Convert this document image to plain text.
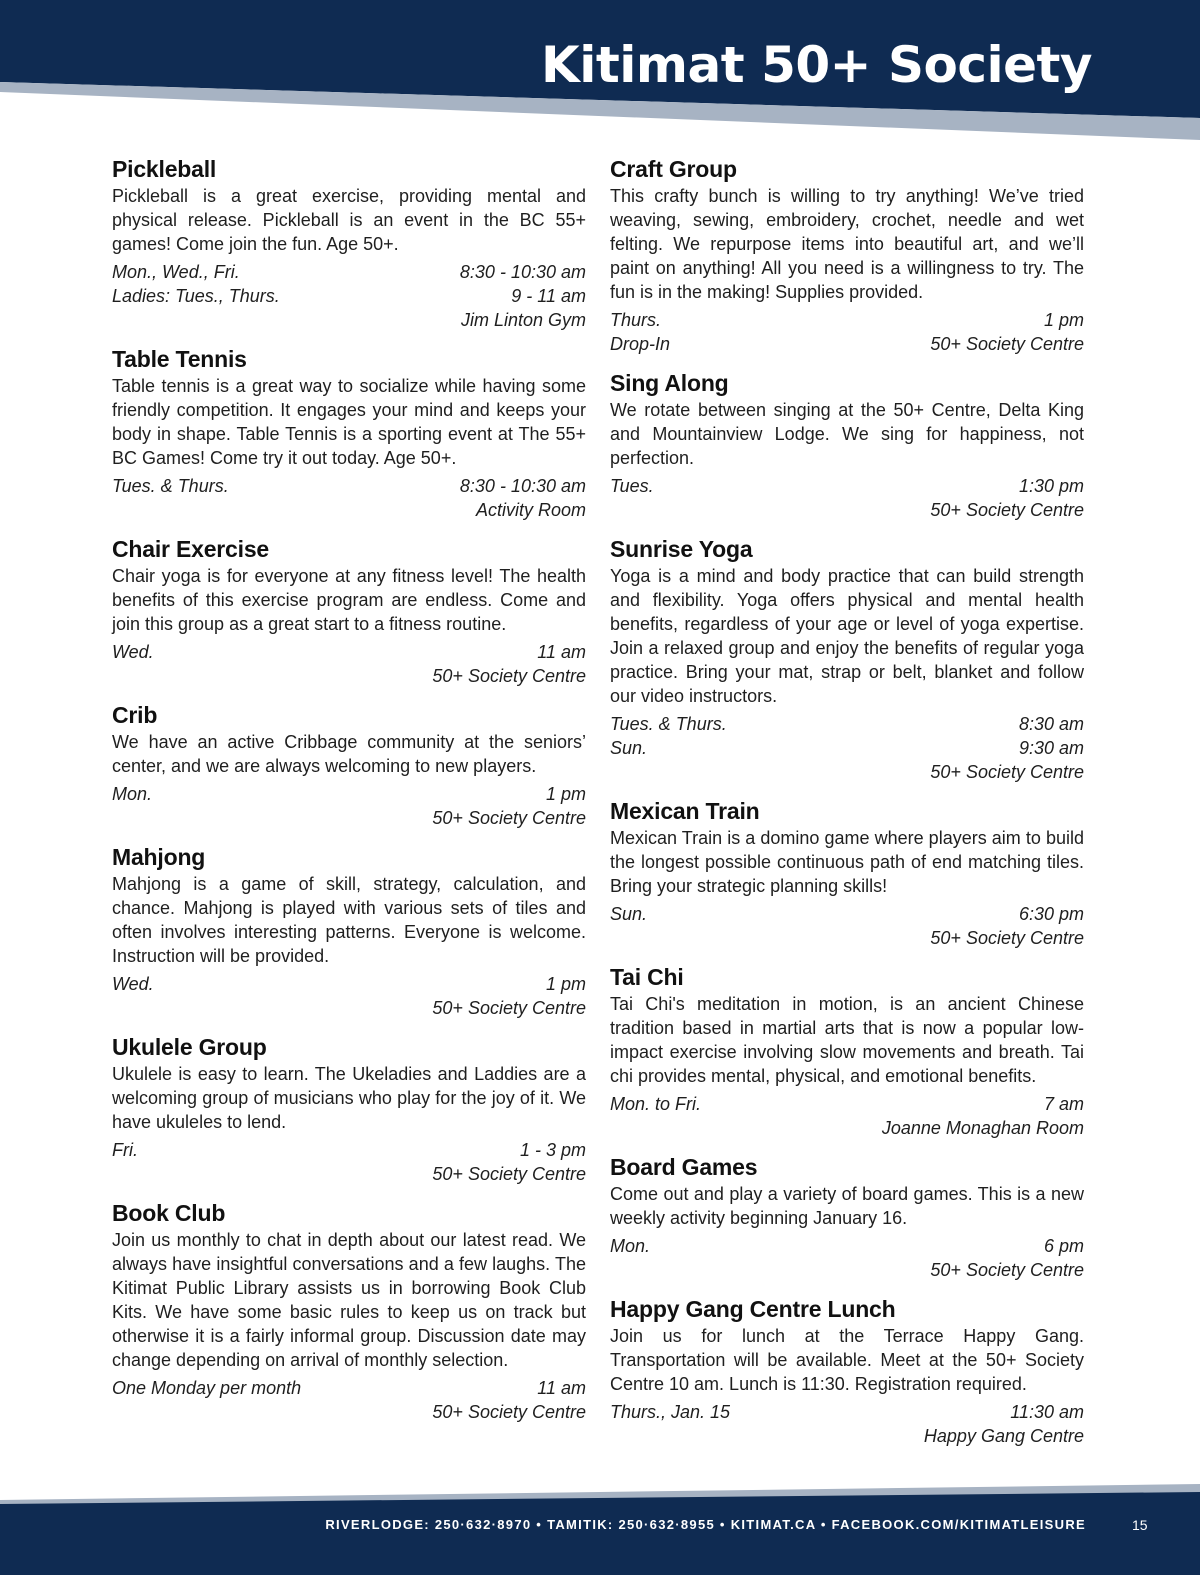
Kitimat 50+ Society
Pickleball

Pickleball is a great exercise, providing mental and physical release. Pickleball is an event in the BC 55+ games! Come join the fun. Age 50+.

Mon., Wed., Fri.	8:30 - 10:30 am
Ladies: Tues., Thurs.	9 - 11 am
Jim Linton Gym
Table Tennis

Table tennis is a great way to socialize while having some friendly competition. It engages your mind and keeps your body in shape. Table Tennis is a sporting event at The 55+ BC Games! Come try it out today. Age 50+.

Tues. & Thurs.	8:30 - 10:30 am
Activity Room
Chair Exercise

Chair yoga is for everyone at any fitness level! The health benefits of this exercise program are endless. Come and join this group as a great start to a fitness routine.

Wed.	11 am
50+ Society Centre
Crib

We have an active Cribbage community at the seniors’ center, and we are always welcoming to new players.

Mon.	1 pm
50+ Society Centre
Mahjong

Mahjong is a game of skill, strategy, calculation, and chance. Mahjong is played with various sets of tiles and often involves interesting patterns. Everyone is welcome. Instruction will be provided.

Wed.	1 pm
50+ Society Centre
Ukulele Group

Ukulele is easy to learn. The Ukeladies and Laddies are a welcoming group of musicians who play for the joy of it. We have ukuleles to lend.

Fri.	1 - 3 pm
50+ Society Centre
Book Club

Join us monthly to chat in depth about our latest read. We always have insightful conversations and a few laughs. The Kitimat Public Library assists us in borrowing Book Club Kits. We have some basic rules to keep us on track but otherwise it is a fairly informal group. Discussion date may change depending on arrival of monthly selection.

One Monday per month	11 am
50+ Society Centre
Craft Group

This crafty bunch is willing to try anything! We’ve tried weaving, sewing, embroidery, crochet, needle and wet felting. We repurpose items into beautiful art, and we’ll paint on anything! All you need is a willingness to try. The fun is in the making! Supplies provided.

Thurs.	1 pm
Drop-In	50+ Society Centre
Sing Along

We rotate between singing at the 50+ Centre, Delta King and Mountainview Lodge. We sing for happiness, not perfection.

Tues.	1:30 pm
50+ Society Centre
Sunrise Yoga

Yoga is a mind and body practice that can build strength and flexibility. Yoga offers physical and mental health benefits, regardless of your age or level of yoga expertise. Join a relaxed group and enjoy the benefits of regular yoga practice. Bring your mat, strap or belt, blanket and follow our video instructors.

Tues. & Thurs.	8:30 am
Sun.	9:30 am
50+ Society Centre
Mexican Train

Mexican Train is a domino game where players aim to build the longest possible continuous path of end matching tiles. Bring your strategic planning skills!

Sun.	6:30 pm
50+ Society Centre
Tai Chi

Tai Chi's meditation in motion, is an ancient Chinese tradition based in martial arts that is now a popular low-impact exercise involving slow movements and breath. Tai chi provides mental, physical, and emotional benefits.

Mon. to Fri.	7 am
Joanne Monaghan Room
Board Games

Come out and play a variety of board games. This is a new weekly activity beginning January 16.

Mon.	6 pm
50+ Society Centre
Happy Gang Centre Lunch

Join us for lunch at the Terrace Happy Gang. Transportation will be available. Meet at the 50+ Society Centre 10 am. Lunch is 11:30. Registration required.

Thurs., Jan. 15	11:30 am
Happy Gang Centre
RIVERLODGE: 250·632·8970 • TAMITIK: 250·632·8955 • KITIMAT.CA • FACEBOOK.COM/KITIMATLEISURE	15
